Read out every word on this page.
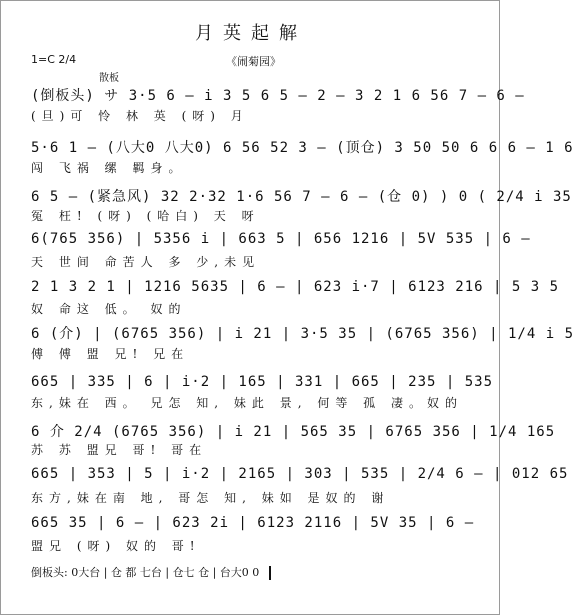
月英起解
1=C 2/4	《闹菊园》
散板
(倒板头) サ 3·5 6 — i 3 5 6 5 — 2 — 3 2 1 6 56 7 — 6 —
(旦)可 怜 林 英 (呀) 月
5·6 1 — (八大0 八大0) 6 56 52 3 — (顶仓) 3 50 50 6 6 6 — 1 6
闯 飞祸 缧 羁身。
6 5 — (紧急风) 32 2·32 1·6 56 7 — 6 — (仓 0) ) 0 ( 2/4 i 35
冤 枉! (呀) (哈白) 天 呀
6(765 356) | 5356 i | 663 5 | 656 1216 | 5V 535 | 6 —
天 世间 命苦人 多 少,未见
2 1 3 2 1 | 1216 5635 | 6 — | 623 i·7 | 6123 216 | 5 3 5
奴 命这 低。 奴的
6 (介) | (6765 356) | i 21 | 3·5 35 | (6765 356) | 1/4 i 5
傅 傅 盟 兄! 兄在
665 | 335 | 6 | i·2 | 165 | 331 | 665 | 235 | 535
东,妹在 西。 兄怎 知, 妹此 景, 何等 孤 凄。奴的
6 介 2/4 (6765 356) | i 21 | 565 35 | 6765 356 | 1/4 165
苏 苏 盟兄 哥! 哥在
665 | 353 | 5 | i·2 | 2165 | 303 | 535 | 2/4 6 — | 012 65
东方,妹在南 地, 哥怎 知, 妹如 是奴的 谢
665 35 | 6 — | 623 2i | 6123 2116 | 5V 35 | 6 —
盟兄 (呀) 奴的 哥!
倒板头: 0大台 | 仓 都 七台 | 仓七 仓 | 台大0 0
